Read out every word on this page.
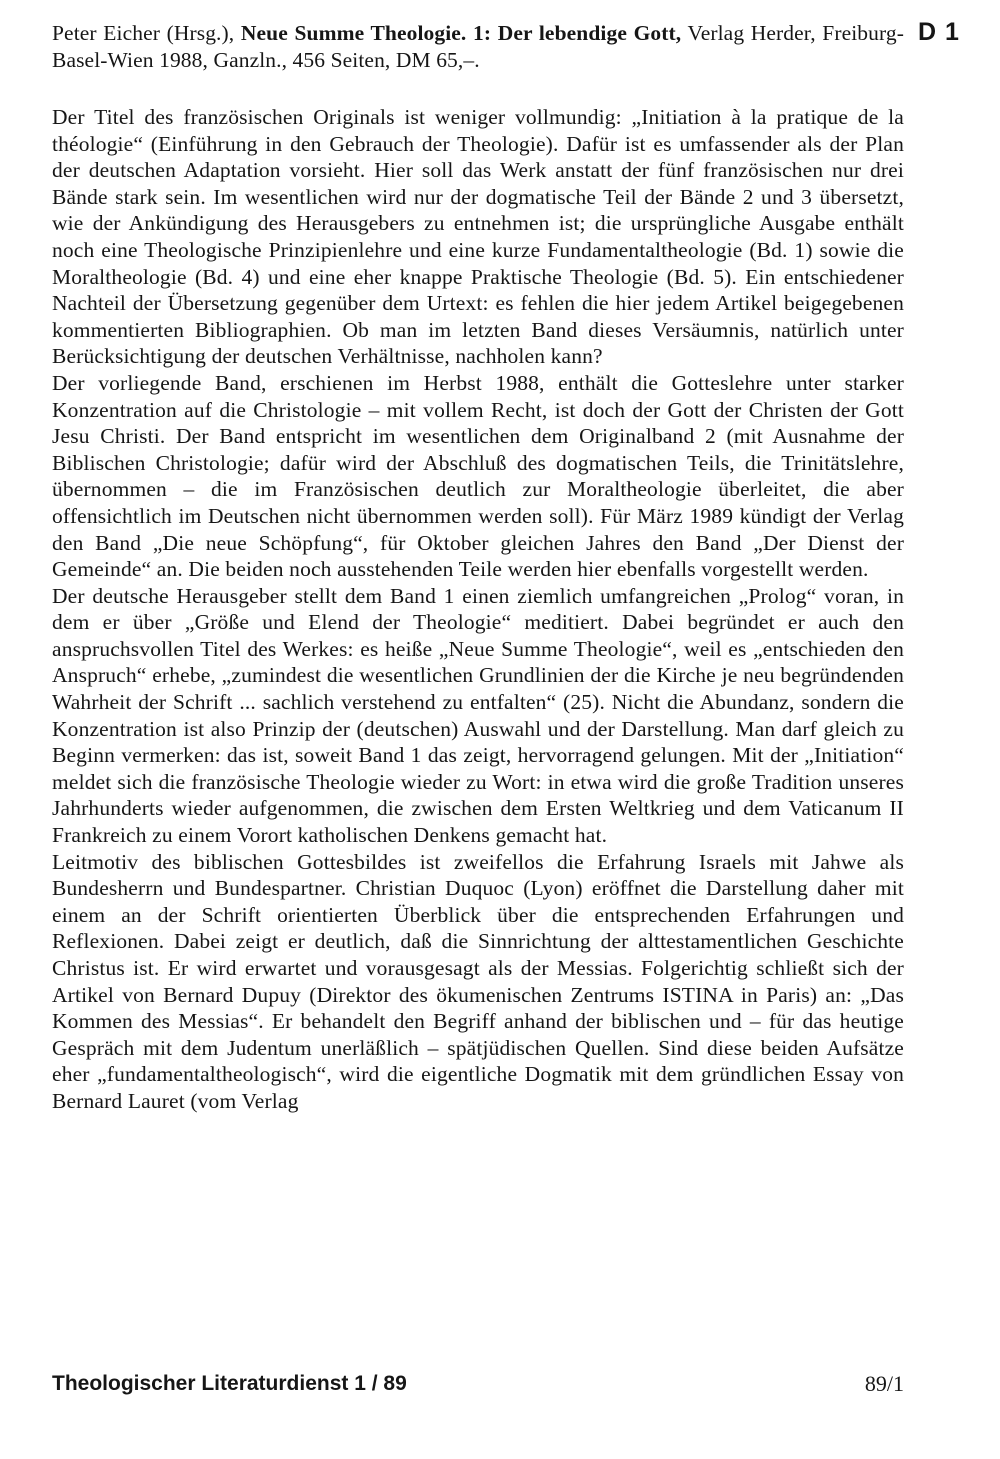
Peter Eicher (Hrsg.), Neue Summe Theologie. 1: Der lebendige Gott, Verlag Herder, Freiburg-Basel-Wien 1988, Ganzln., 456 Seiten, DM 65,–.
D 1

Der Titel des französischen Originals ist weniger vollmundig: „Initiation à la pratique de la théologie“ (Einführung in den Gebrauch der Theologie). Dafür ist es umfassender als der Plan der deutschen Adaptation vorsieht. Hier soll das Werk anstatt der fünf französischen nur drei Bände stark sein. Im wesentlichen wird nur der dogmatische Teil der Bände 2 und 3 übersetzt, wie der Ankündigung des Herausgebers zu entnehmen ist; die ursprüngliche Ausgabe enthält noch eine Theologische Prinzipienlehre und eine kurze Fundamentaltheologie (Bd. 1) sowie die Moraltheologie (Bd. 4) und eine eher knappe Praktische Theologie (Bd. 5). Ein entschiedener Nachteil der Übersetzung gegenüber dem Urtext: es fehlen die hier jedem Artikel beigegebenen kommentierten Bibliographien. Ob man im letzten Band dieses Versäumnis, natürlich unter Berücksichtigung der deutschen Verhältnisse, nachholen kann?

Der vorliegende Band, erschienen im Herbst 1988, enthält die Gotteslehre unter starker Konzentration auf die Christologie – mit vollem Recht, ist doch der Gott der Christen der Gott Jesu Christi. Der Band entspricht im wesentlichen dem Originalband 2 (mit Ausnahme der Biblischen Christologie; dafür wird der Abschluß des dogmatischen Teils, die Trinitätslehre, übernommen – die im Französischen deutlich zur Moraltheologie überleitet, die aber offensichtlich im Deutschen nicht übernommen werden soll). Für März 1989 kündigt der Verlag den Band „Die neue Schöpfung“, für Oktober gleichen Jahres den Band „Der Dienst der Gemeinde“ an. Die beiden noch ausstehenden Teile werden hier ebenfalls vorgestellt werden.

Der deutsche Herausgeber stellt dem Band 1 einen ziemlich umfangreichen „Prolog“ voran, in dem er über „Größe und Elend der Theologie“ meditiert. Dabei begründet er auch den anspruchsvollen Titel des Werkes: es heiße „Neue Summe Theologie“, weil es „entschieden den Anspruch“ erhebe, „zumindest die wesentlichen Grundlinien der die Kirche je neu begründenden Wahrheit der Schrift ... sachlich verstehend zu entfalten“ (25). Nicht die Abundanz, sondern die Konzentration ist also Prinzip der (deutschen) Auswahl und der Darstellung. Man darf gleich zu Beginn vermerken: das ist, soweit Band 1 das zeigt, hervorragend gelungen. Mit der „Initiation“ meldet sich die französische Theologie wieder zu Wort: in etwa wird die große Tradition unseres Jahrhunderts wieder aufgenommen, die zwischen dem Ersten Weltkrieg und dem Vaticanum II Frankreich zu einem Vorort katholischen Denkens gemacht hat.

Leitmotiv des biblischen Gottesbildes ist zweifellos die Erfahrung Israels mit Jahwe als Bundesherrn und Bundespartner. Christian Duquoc (Lyon) eröffnet die Darstellung daher mit einem an der Schrift orientierten Überblick über die entsprechenden Erfahrungen und Reflexionen. Dabei zeigt er deutlich, daß die Sinnrichtung der alttestamentlichen Geschichte Christus ist. Er wird erwartet und vorausgesagt als der Messias. Folgerichtig schließt sich der Artikel von Bernard Dupuy (Direktor des ökumenischen Zentrums ISTINA in Paris) an: „Das Kommen des Messias“. Er behandelt den Begriff anhand der biblischen und – für das heutige Gespräch mit dem Judentum unerläßlich – spätjüdischen Quellen. Sind diese beiden Aufsätze eher „fundamentaltheologisch“, wird die eigentliche Dogmatik mit dem gründlichen Essay von Bernard Lauret (vom Verlag

Theologischer Literaturdienst 1 / 89	89/1
